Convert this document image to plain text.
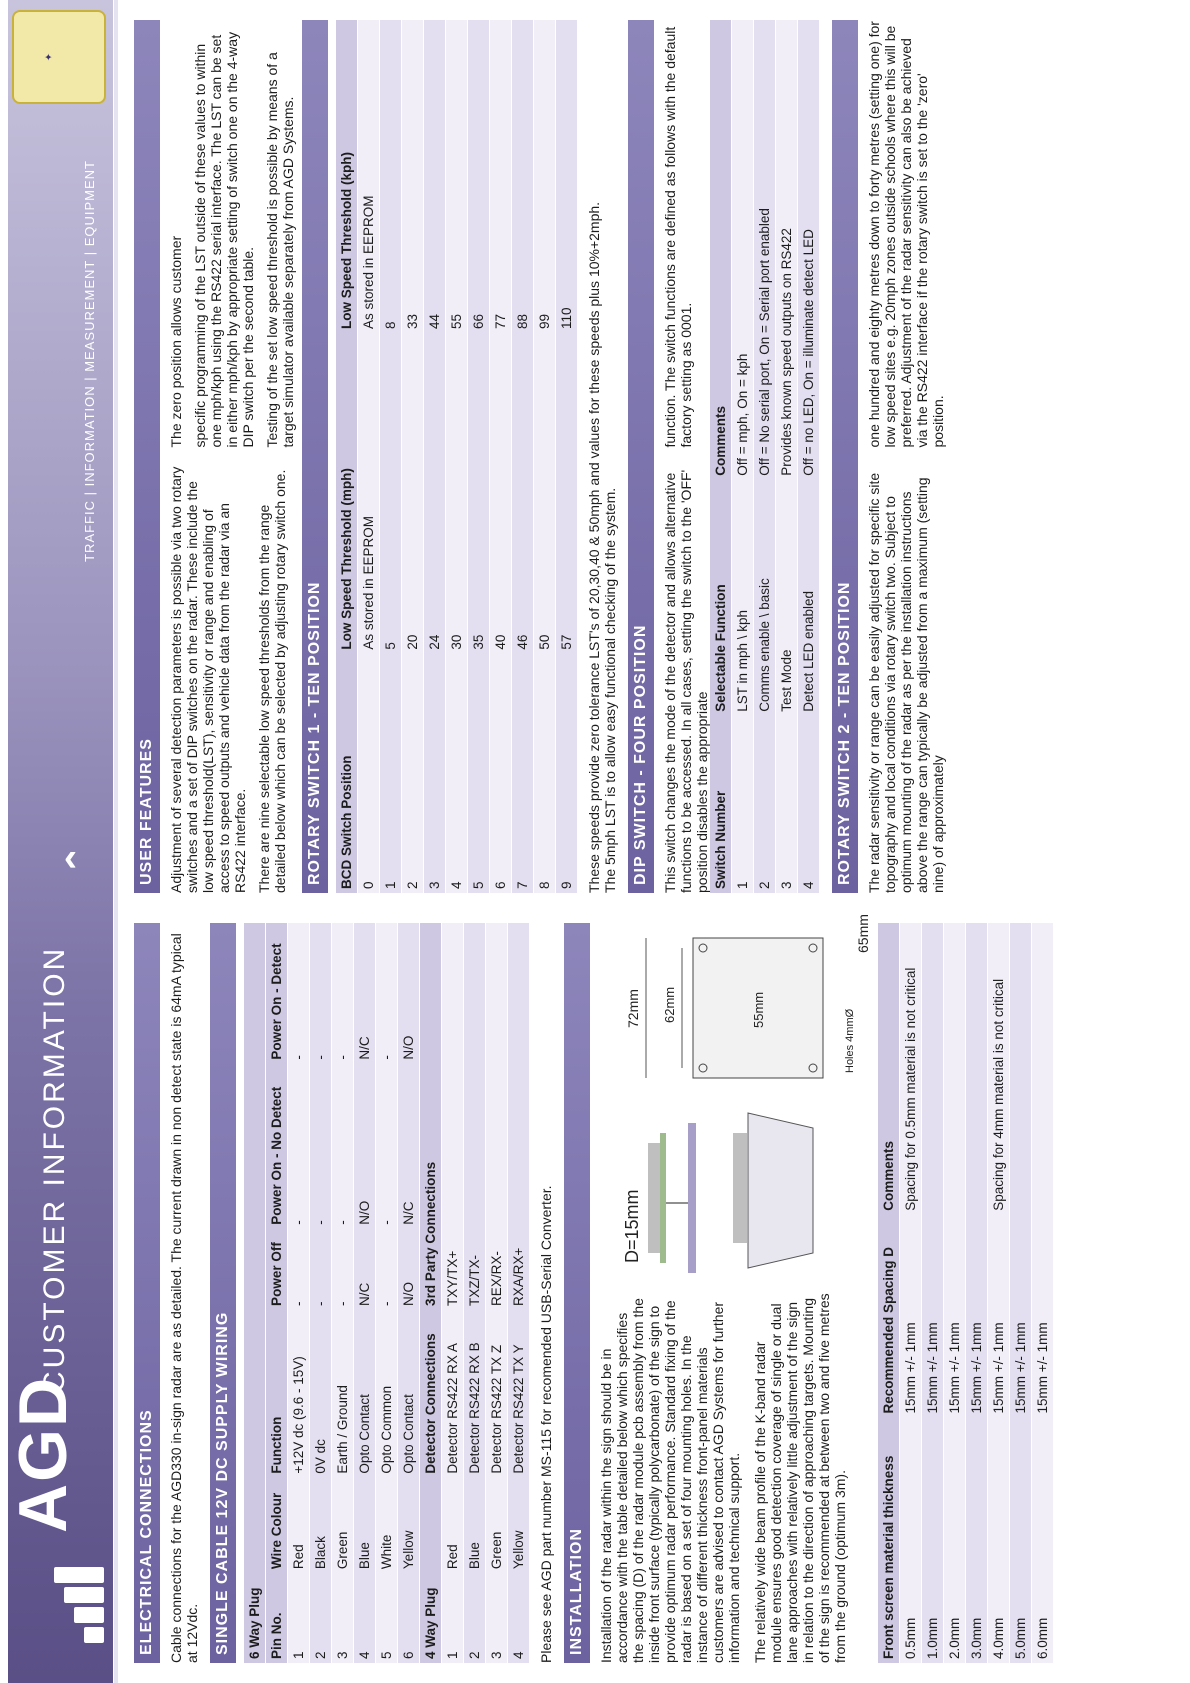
AGD
CUSTOMER INFORMATION
›
TRAFFIC | INFORMATION | MEASUREMENT | EQUIPMENT
✦
ELECTRICAL CONNECTIONS Cable connections for the AGD330 in-sign radar are as detailed. The current drawn in non detect state is 64mA typical at 12Vdc. SINGLE CABLE 12V DC SUPPLY WIRING	6 Way Plug					
Pin No.	Wire Colour	Function	Power Off	Power On - No Detect	Power On - Detect
1	Red	+12V dc (9.6 - 15V)	-	-	-
2	Black	0V dc	-	-	-
3	Green	Earth / Ground	-	-	-
4	Blue	Opto Contact	N/C	N/O	N/C
5	White	Opto Common	-	-	-
6	Yellow	Opto Contact	N/O	N/C	N/O
4 Way Plug		Detector Connections	3rd Party Connections		
1	Red	Detector RS422 RX A	TXY/TX+		
2	Blue	Detector RS422 RX B	TXZ/TX-		
3	Green	Detector RS422 TX Z	REX/RX-		
4	Yellow	Detector RS422 TX Y	RXA/RX+		Please see AGD part number MS-115 for recomended USB-Serial Converter. INSTALLATION Installation of the radar within the sign should be in accordance with the table detailed below which specifies the spacing (D) of the radar module pcb assembly from the inside front surface (typically polycarbonate) of the sign to provide optimum radar performance. Standard fixing of the radar is based on a set of four mounting holes. In the instance of different thickness front-panel materials customers are advised to contact AGD Systems for further information and technical support. The relatively wide beam profile of the K-band radar module ensures good detection coverage of single or dual lane approaches with relatively little adjustment of the sign in relation to the direction of approaching targets. Mounting of the sign is recommended at between two and five metres from the ground (optimum 3m).

D=15mm
72mm 62mm	55mm
65mm
Holes 4mmØ
Front screen material thickness	Recommended Spacing D	Comments
0.5mm	15mm +/- 1mm	Spacing for 0.5mm material is not critical
1.0mm	15mm +/- 1mm	
2.0mm	15mm +/- 1mm	
3.0mm	15mm +/- 1mm	
4.0mm	15mm +/- 1mm	Spacing for 4mm material is not critical
5.0mm	15mm +/- 1mm	
6.0mm	15mm +/- 1mm	
USER FEATURES Adjustment of several detection parameters is possible via two rotary switches and a set of DIP switches on the radar. These include the low speed threshold(LST), sensitivity or range and enabling of access to speed outputs and vehicle data from the radar via an RS422 interface. There are nine selectable low speed thresholds from the range detailed below which can be selected by adjusting rotary switch one. The zero position allows customer specific programming of the LST outside of these values to within one mph/kph using the RS422 serial interface. The LST can be set in either mph/kph by appropriate setting of switch one on the 4-way DIP switch per the second table. Testing of the set low speed threshold is possible by means of a target simulator available separately from AGD Systems.

ROTARY SWITCH 1 - TEN POSITION	BCD Switch Position	Low Speed Threshold (mph)	Low Speed Threshold (kph)
0	As stored in EEPROM	As stored in EEPROM
1	5	8
2	20	33
3	24	44
4	30	55
5	35	66
6	40	77
7	46	88
8	50	99
9	57	110 These speeds provide zero tolerance LST's of 20,30,40 & 50mph and values for these speeds plus 10%+2mph. The 5mph LST is to allow easy functional checking of the system. DIP SWITCH - FOUR POSITION This switch changes the mode of the detector and allows alternative functions to be accessed. In all cases, setting the switch to the 'OFF' position disables the appropriate

function. The switch functions are defined as follows with the default factory setting as 0001.

Switch Number	Selectable Function	Comments
1	LST in mph \ kph	Off = mph, On = kph
2	Comms enable \ basic	Off = No serial port, On = Serial port enabled
3	Test Mode	Provides known speed outputs on RS422
4	Detect LED enabled	Off = no LED, On = illuminate detect LED
ROTARY SWITCH 2 - TEN POSITION The radar sensitivity or range can be easily adjusted for specific site topography and local conditions via rotary switch two. Subject to optimum mounting of the radar as per the installation instructions above the range can typically be adjusted from a maximum (setting nine) of approximately

one hundred and eighty metres down to forty metres (setting one) for low speed sites e.g. 20mph zones outside schools where this will be preferred. Adjustment of the radar sensitivity can also be achieved via the RS422 interface if the rotary switch is set to the 'zero' position.
